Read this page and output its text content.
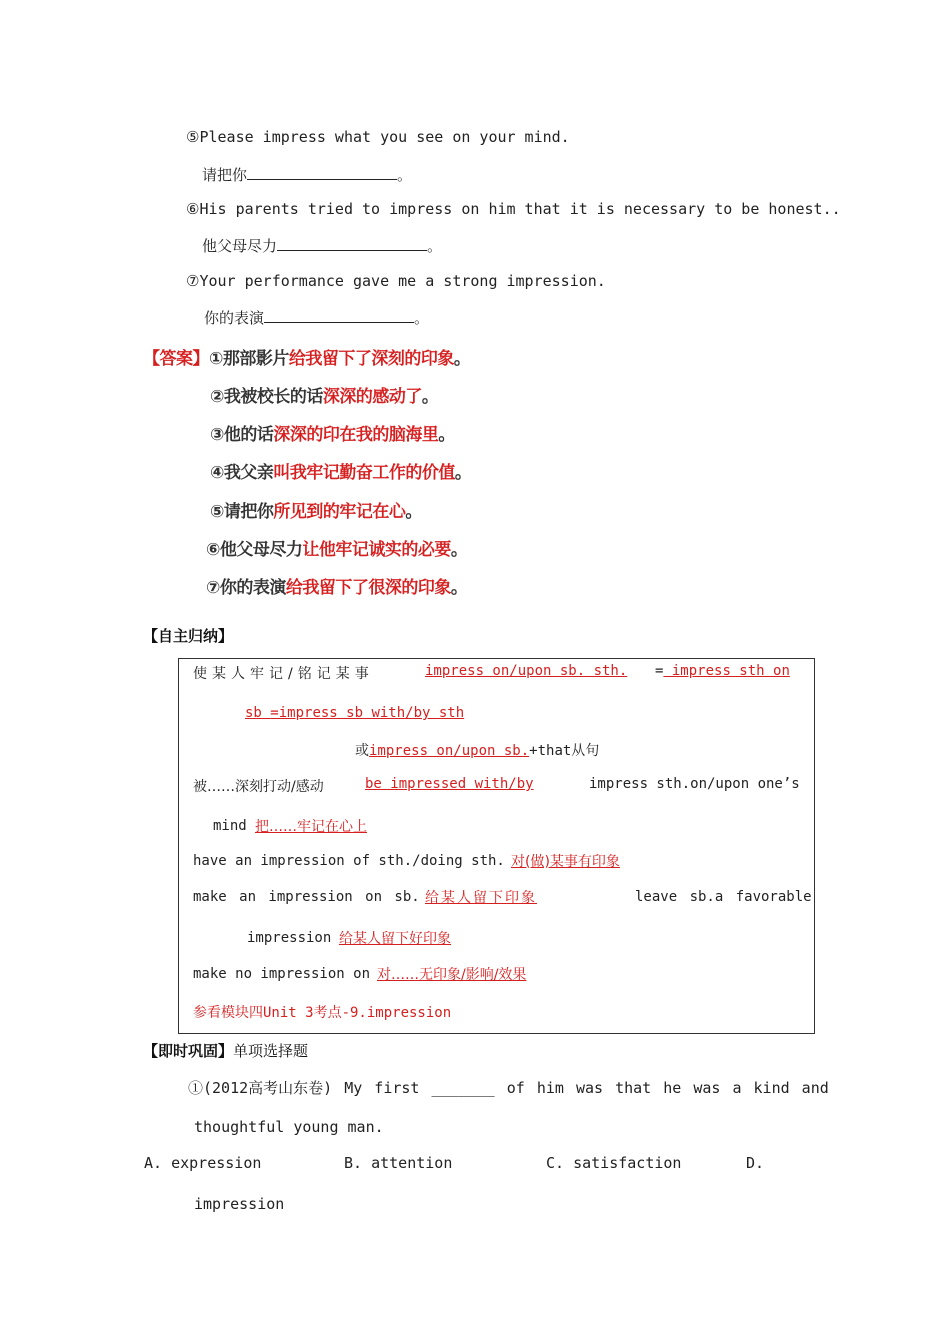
⑤Please impress what you see on your mind.
请把你	。
⑥His parents tried to impress on him that it is necessary to be honest..
他父母尽力	。
⑦Your performance gave me a strong impression.
你的表演	。
【答案】①那部影片给我留下了深刻的印象。
②我被校长的话深深的感动了。
③他的话深深的印在我的脑海里。
④我父亲叫我牢记勤奋工作的价值。
⑤请把你所见到的牢记在心。
⑥他父母尽力让他牢记诚实的必要。
⑦你的表演给我留下了很深的印象。
【自主归纳】
使某人牢记/铭记某事	impress on/upon sb. sth. = impress sth on
sb =impress sb with/by sth
或impress on/upon sb.+that从句
被……深刻打动/感动	be impressed with/by	impress sth.on/upon one’s
mind 把……牢记在心上
have an impression of sth./doing sth. 对(做)某事有印象
make an impression on sb. 给某人留下印象	leave sb.a favorable
impression 给某人留下好印象
make no impression on 对……无印象/影响/效果
参看模块四Unit 3考点-9.impression
【即时巩固】单项选择题
①(2012高考山东卷) My first _______ of him was that he was a kind and
thoughtful young man.
A. expression	B. attention	C. satisfaction	D.
impression
